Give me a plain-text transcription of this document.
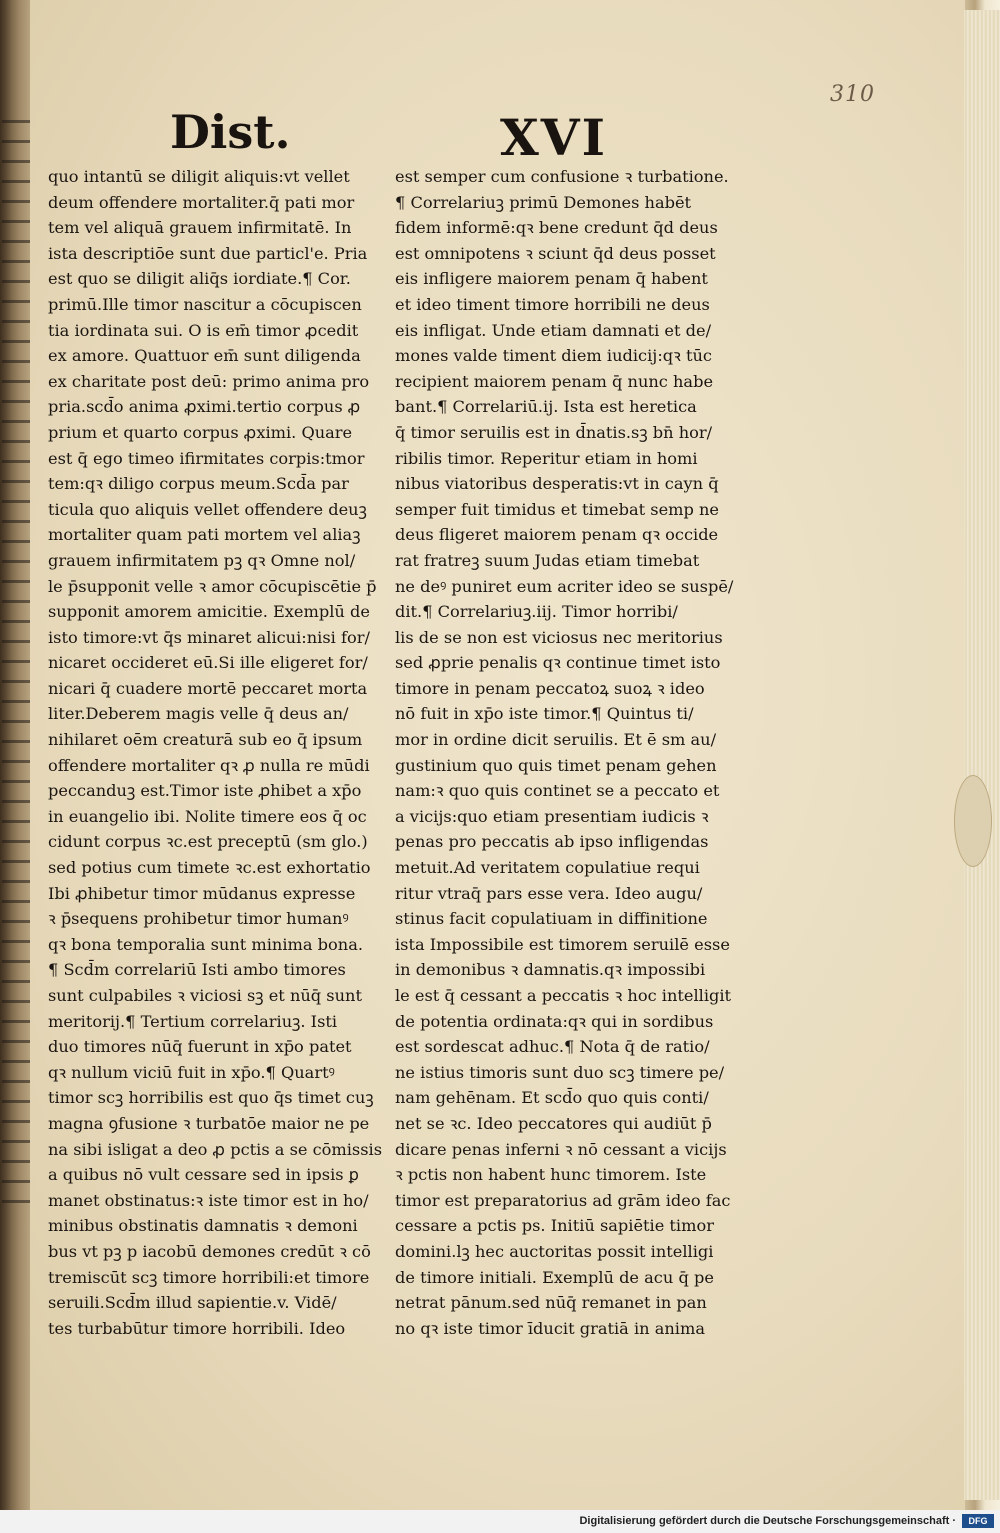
310
Dist.	XVI
quo intantū se diligit aliquis:vt vellet
deum offendere mortaliter.q̄ pati mor
tem vel aliquā grauem infirmitatē. In
ista descriptiōe sunt due particl'e. Pria
est quo se diligit aliq̄s iordiate.¶ Cor.
primū.Ille timor nascitur a cōcupiscen
tia iordinata sui. O is em̄ timor ꝓcedit
ex amore. Quattuor em̄ sunt diligenda
ex charitate post deū: primo anima pro
pria.scd̄o anima ꝓximi.tertio corpus ꝓ
prium et quarto corpus ꝓximi. Quare
est q̄ ego timeo ifirmitates corpis:tmor
tem:qꝛ diligo corpus meum.Scd̄a par
ticula quo aliquis vellet offendere deuꝫ
mortaliter quam pati mortem vel aliaꝫ
grauem infirmitatem pꝫ qꝛ Omne nol/
le p̄supponit velle ꝛ amor cōcupiscētie p̄
supponit amorem amicitie. Exemplū de
isto timore:vt q̄s minaret alicui:nisi for/
nicaret occideret eū.Si ille eligeret for/
nicari q̄ cuadere mortē peccaret morta
liter.Deberem magis velle q̄ deus an/
nihilaret oēm creaturā sub eo q̄ ipsum
offendere mortaliter qꝛ ꝓ nulla re mūdi
peccanduꝫ est.Timor iste ꝓhibet a xp̄o
in euangelio ibi. Nolite timere eos q̄ oc
cidunt corpus ꝛc.est preceptū (sm glo.)
sed potius cum timete ꝛc.est exhortatio
Ibi ꝓhibetur timor mūdanus expresse
ꝛ p̄sequens prohibetur timor humanꝰ
qꝛ bona temporalia sunt minima bona.
¶ Scd̄m correlariū Isti ambo timores
sunt culpabiles ꝛ viciosi sꝫ et nūq̄ sunt
meritorij.¶ Tertium correlariuꝫ. Isti
duo timores nūq̄ fuerunt in xp̄o patet
qꝛ nullum viciū fuit in xp̄o.¶ Quartꝰ
timor scꝫ horribilis est quo q̄s timet cuꝫ
magna ꝯfusione ꝛ turbatōe maior ne pe
na sibi isligat a deo ꝓ pctis a se cōmissis
a quibus nō vult cessare sed in ipsis ꝑ
manet obstinatus:ꝛ iste timor est in ho/
minibus obstinatis damnatis ꝛ demoni
bus vt pꝫ p iacobū demones credūt ꝛ cō
tremiscūt scꝫ timore horribili:et timore
seruili.Scd̄m illud sapientie.v. Vidē/
tes turbabūtur timore horribili. Ideo
est semper cum confusione ꝛ turbatione.
¶ Correlariuꝫ primū Demones habēt
fidem informē:qꝛ bene credunt q̄d deus
est omnipotens ꝛ sciunt q̄d deus posset
eis infligere maiorem penam q̄ habent
et ideo timent timore horribili ne deus
eis infligat. Unde etiam damnati et de/
mones valde timent diem iudicij:qꝛ tūc
recipient maiorem penam q̄ nunc habe
bant.¶ Correlariū.ij. Ista est heretica
q̄ timor seruilis est in d̄natis.sꝫ bn̄ hor/
ribilis timor. Reperitur etiam in homi
nibus viatoribus desperatis:vt in cayn q̄
semper fuit timidus et timebat semp ne
deus fligeret maiorem penam qꝛ occide
rat fratreꝫ suum Judas etiam timebat
ne deꝰ puniret eum acriter ideo se suspē/
dit.¶ Correlariuꝫ.iij. Timor horribi/
lis de se non est viciosus nec meritorius
sed ꝓprie penalis qꝛ continue timet isto
timore in penam peccatoꝝ suoꝝ ꝛ ideo
nō fuit in xp̄o iste timor.¶ Quintus ti/
mor in ordine dicit seruilis. Et ē sm au/
gustinium quo quis timet penam gehen
nam:ꝛ quo quis continet se a peccato et
a vicijs:quo etiam presentiam iudicis ꝛ
penas pro peccatis ab ipso infligendas
metuit.Ad veritatem copulatiue requi
ritur vtraq̄ pars esse vera. Ideo augu/
stinus facit copulatiuam in diffinitione
ista Impossibile est timorem seruilē esse
in demonibus ꝛ damnatis.qꝛ impossibi
le est q̄ cessant a peccatis ꝛ hoc intelligit
de potentia ordinata:qꝛ qui in sordibus
est sordescat adhuc.¶ Nota q̄ de ratio/
ne istius timoris sunt duo scꝫ timere pe/
nam gehēnam. Et scd̄o quo quis conti/
net se ꝛc. Ideo peccatores qui audiūt p̄
dicare penas inferni ꝛ nō cessant a vicijs
ꝛ pctis non habent hunc timorem. Iste
timor est preparatorius ad grām ideo fac
cessare a pctis ps. Initiū sapiētie timor
domini.lꝫ hec auctoritas possit intelligi
de timore initiali. Exemplū de acu q̄ pe
netrat pānum.sed nūq̄ remanet in pan
no qꝛ iste timor īducit gratiā in anima
Digitalisierung gefördert durch die Deutsche Forschungsgemeinschaft ·	DFG
